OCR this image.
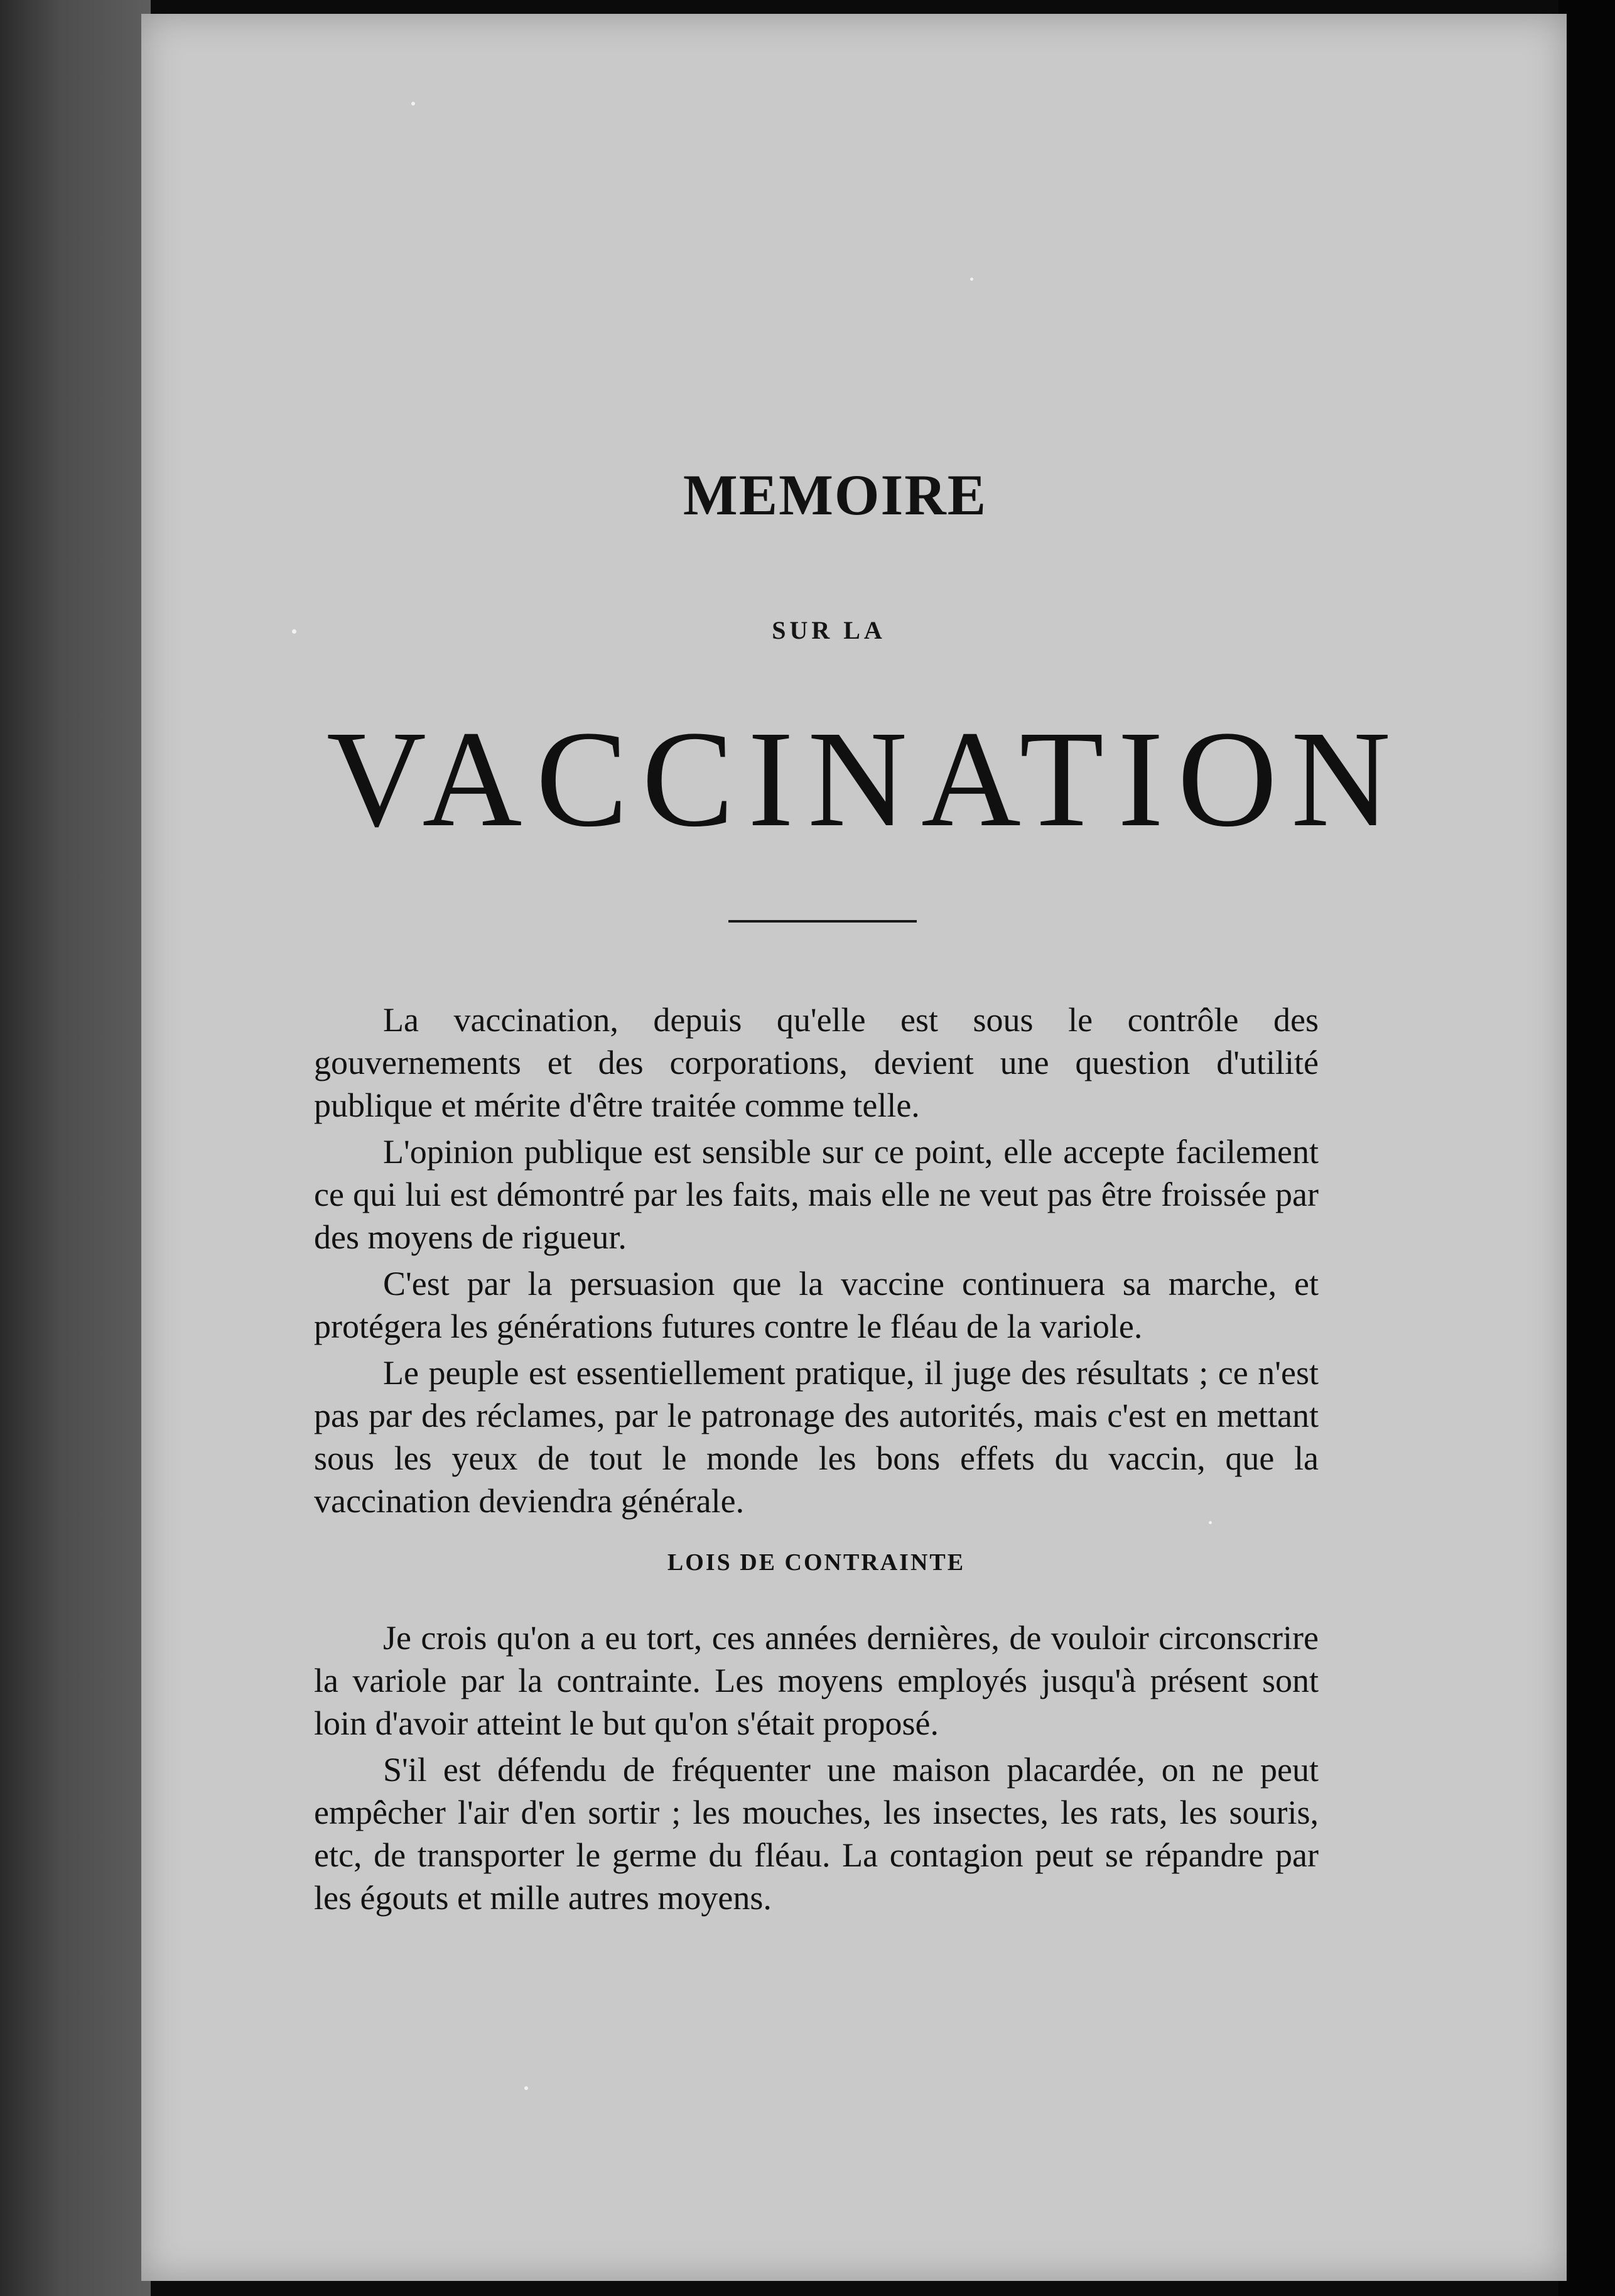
MEMOIRE
SUR LA
VACCINATION

La vaccination, depuis qu'elle est sous le contrôle des gouvernements et des corporations, devient une question d'utilité publique et mérite d'être traitée comme telle.

L'opinion publique est sensible sur ce point, elle accepte facilement ce qui lui est démontré par les faits, mais elle ne veut pas être froissée par des moyens de rigueur.

C'est par la persuasion que la vaccine continuera sa marche, et protégera les générations futures contre le fléau de la variole.

Le peuple est essentiellement pratique, il juge des résultats ; ce n'est pas par des réclames, par le patronage des autorités, mais c'est en mettant sous les yeux de tout le monde les bons effets du vaccin, que la vaccination deviendra générale.

LOIS DE CONTRAINTE

Je crois qu'on a eu tort, ces années dernières, de vouloir circonscrire la variole par la contrainte. Les moyens employés jusqu'à présent sont loin d'avoir atteint le but qu'on s'était proposé.

S'il est défendu de fréquenter une maison placardée, on ne peut empêcher l'air d'en sortir ; les mouches, les insectes, les rats, les souris, etc, de transporter le germe du fléau. La contagion peut se répandre par les égouts et mille autres moyens.
